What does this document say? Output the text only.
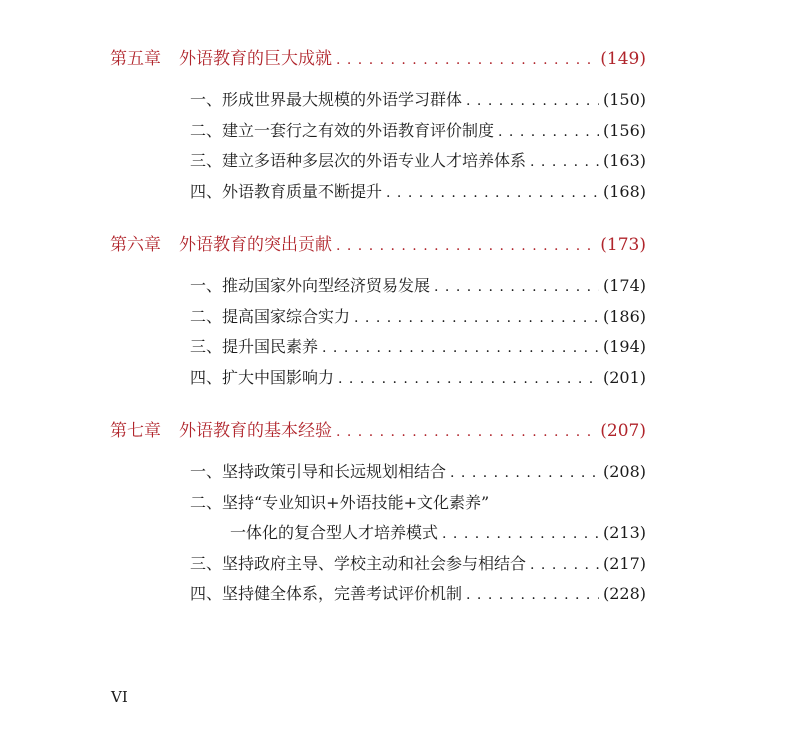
第五章 外语教育的巨大成就 . . .	(149)
一、形成世界最大规模的外语学习群体 . . .	(150)
二、建立一套行之有效的外语教育评价制度 . . .	(156)
三、建立多语种多层次的外语专业人才培养体系 . . .	(163)
四、外语教育质量不断提升 . . .	(168)
第六章 外语教育的突出贡献 . . .	(173)
一、推动国家外向型经济贸易发展 . . .	(174)
二、提高国家综合实力 . . .	(186)
三、提升国民素养 . . .	(194)
四、扩大中国影响力 . . .	(201)
第七章 外语教育的基本经验 . . .	(207)
一、坚持政策引导和长远规划相结合 . . .	(208)
二、坚持“专业知识+外语技能+文化素养”
一体化的复合型人才培养模式 . . .	(213)
三、坚持政府主导、学校主动和社会参与相结合 . . .	(217)
四、坚持健全体系，完善考试评价机制 . . .	(228)
VI
